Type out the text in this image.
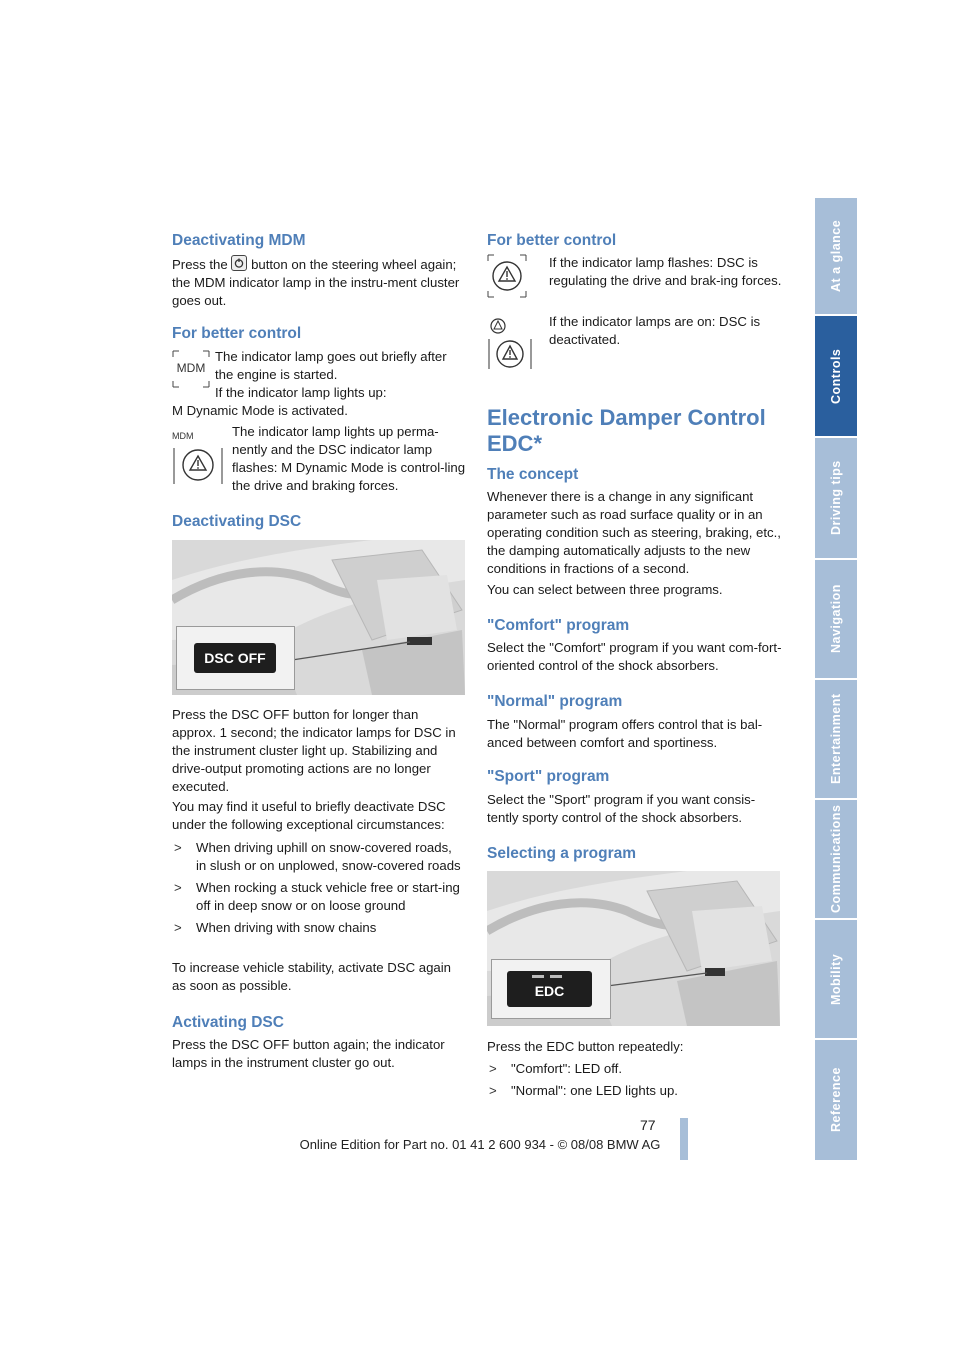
At a glance
Controls
Driving tips
Navigation
Entertainment
Communications
Mobility
Reference
Deactivating MDM

Press the button on the steering wheel again; the MDM indicator lamp in the instru-ment cluster goes out.

For better control
MDM

The indicator lamp goes out briefly after the engine is started.

If the indicator lamp lights up:

M Dynamic Mode is activated.

MDM	The indicator lamp lights up perma-nently and the DSC indicator lamp flashes: M Dynamic Mode is control-ling the drive and braking forces.

Deactivating DSC
DSC OFF

Press the DSC OFF button for longer than approx. 1 second; the indicator lamps for DSC in the instrument cluster light up. Stabilizing and drive-output promoting actions are no longer executed.

You may find it useful to briefly deactivate DSC under the following exceptional circumstances:

>	When driving uphill on snow-covered roads, in slush or on unplowed, snow-covered roads
>	When rocking a stuck vehicle free or start-ing off in deep snow or on loose ground
>	When driving with snow chains

To increase vehicle stability, activate DSC again as soon as possible.

Activating DSC

Press the DSC OFF button again; the indicator lamps in the instrument cluster go out.

For better control

If the indicator lamp flashes: DSC is regulating the drive and brak-ing forces.

If the indicator lamps are on: DSC is deactivated.

Electronic Damper Control EDC*
The concept

Whenever there is a change in any significant parameter such as road surface quality or in an operating condition such as steering, braking, etc., the damping automatically adjusts to the new conditions in fractions of a second.

You can select between three programs.

"Comfort" program

Select the "Comfort" program if you want com-fort-oriented control of the shock absorbers.

"Normal" program

The "Normal" program offers control that is bal-anced between comfort and sportiness.

"Sport" program

Select the "Sport" program if you want consis-tently sporty control of the shock absorbers.

Selecting a program
EDC

Press the EDC button repeatedly:

>	"Comfort": LED off.
>	"Normal": one LED lights up.
77
Online Edition for Part no. 01 41 2 600 934 - © 08/08 BMW AG
